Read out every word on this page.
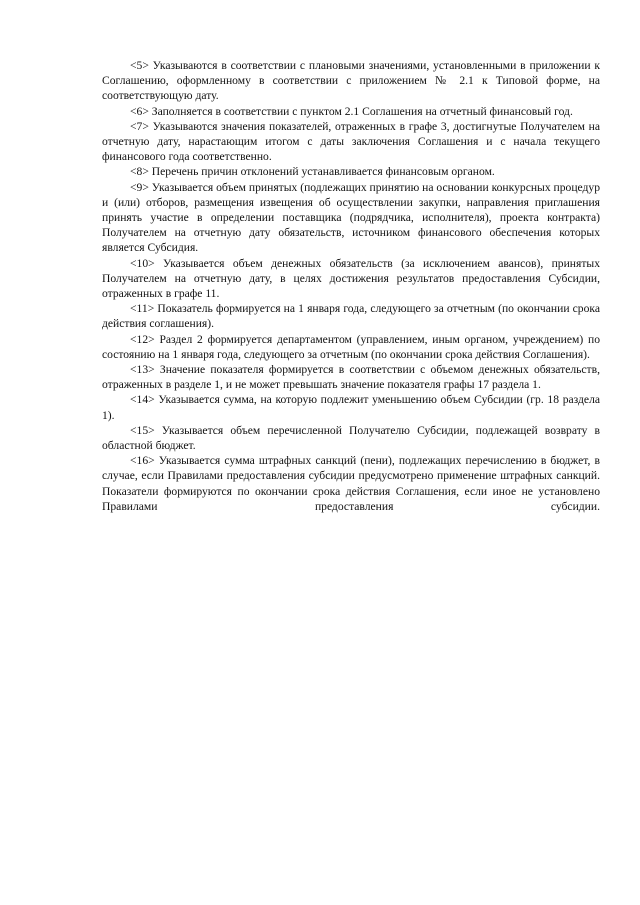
<5> Указываются в соответствии с плановыми значениями, установленными в приложении к Соглашению, оформленному в соответствии с приложением № 2.1 к Типовой форме, на соответствующую дату.

<6> Заполняется в соответствии с пунктом 2.1 Соглашения на отчетный финансовый год.

<7> Указываются значения показателей, отраженных в графе 3, достигнутые Получателем на отчетную дату, нарастающим итогом с даты заключения Соглашения и с начала текущего финансового года соответственно.

<8> Перечень причин отклонений устанавливается финансовым органом.

<9> Указывается объем принятых (подлежащих принятию на основании конкурсных процедур и (или) отборов, размещения извещения об осуществлении закупки, направления приглашения принять участие в определении поставщика (подрядчика, исполнителя), проекта контракта) Получателем на отчетную дату обязательств, источником финансового обеспечения которых является Субсидия.

<10> Указывается объем денежных обязательств (за исключением авансов), принятых Получателем на отчетную дату, в целях достижения результатов предоставления Субсидии, отраженных в графе 11.

<11> Показатель формируется на 1 января года, следующего за отчетным (по окончании срока действия соглашения).

<12> Раздел 2 формируется департаментом (управлением, иным органом, учреждением) по состоянию на 1 января года, следующего за отчетным (по окончании срока действия Соглашения).

<13> Значение показателя формируется в соответствии с объемом денежных обязательств, отраженных в разделе 1, и не может превышать значение показателя графы 17 раздела 1.

<14> Указывается сумма, на которую подлежит уменьшению объем Субсидии (гр. 18 раздела 1).

<15> Указывается объем перечисленной Получателю Субсидии, подлежащей возврату в областной бюджет.

<16> Указывается сумма штрафных санкций (пени), подлежащих перечислению в бюджет, в случае, если Правилами предоставления субсидии предусмотрено применение штрафных санкций. Показатели формируются по окончании срока действия Соглашения, если иное не установлено Правилами предоставления субсидии.
